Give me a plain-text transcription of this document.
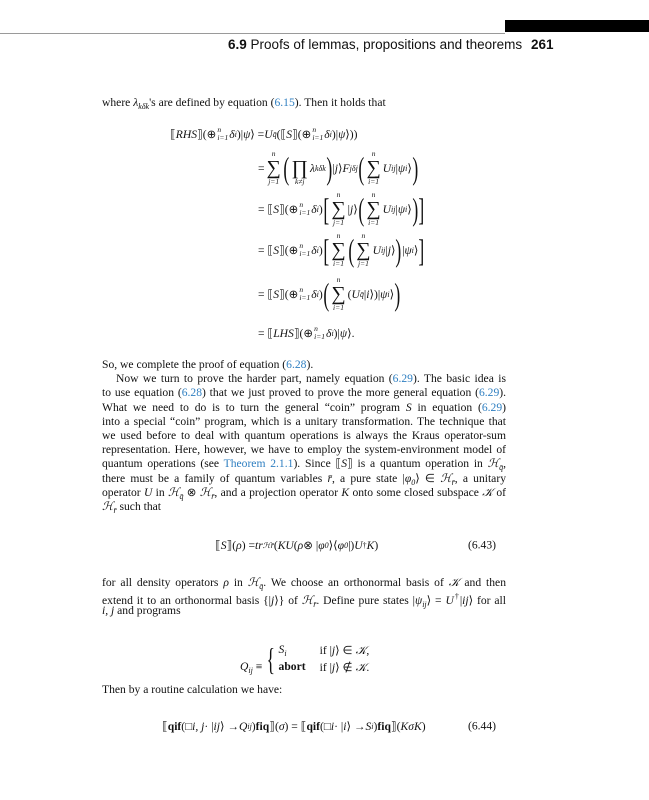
6.9 Proofs of lemmas, propositions and theorems 261
where $\lambda_{k\delta k}'s$ are defined by equation (6.15). Then it holds that
⟦ RHS ⟧(⊕ n
i=1 δ i )| ψ ⟩ = U q̄ (⟦ S ⟧(⊕ n
i=1 δ i )| ψ ⟩))
=
n
∑
j=1 ( ∏
k≠j
λ kδk ) | j ⟩ F jδj ( n
∑
i=1
U ij | ψ i ⟩ )
= ⟦ S ⟧(⊕ n
i=1 δ i ) [ n
∑
j=1
| j ⟩ ( n
∑
i=1
U ij | ψ i ⟩ ) ]
= ⟦ S ⟧(⊕ n
i=1 δ i ) [ n
∑
i=1 ( n
∑
j=1
U ij | j ⟩ ) | ψ i ⟩ ]
= ⟦ S ⟧(⊕ n
i=1 δ i ) ( n
∑
i=1
( U q̄ | i ⟩)| ψ i ⟩ )
= ⟦ LHS ⟧(⊕ n
i=1 δ i )| ψ ⟩.
So, we complete the proof of equation (6.28).
Now we turn to prove the harder part, namely equation (6.29). The basic idea is
to use equation (6.28) that we just proved to prove the more general equation (6.29).
What we need to do is to turn the general “coin” program S in equation (6.29)
into a special “coin” program, which is a unitary transformation. The technique that
we used before to deal with quantum operations is always the Kraus operator-sum
representation. Here, however, we have to employ the system-environment model of
quantum operations (see Theorem 2.1.1). Since ⟦S⟧ is a quantum operation in ℋ$_{q̄}$,
there must be a family of quantum variables r̄, a pure state $|\varphi_0⟩$ ∈ ℋ$_{r̄}$, a unitary
operator U in ℋ$_{q̄}$ ⊗ ℋ$_{r̄}$, and a projection operator K onto some closed subspace 𝒦 of
ℋ$_{r̄}$ such that
⟦ S ⟧( ρ ) = tr ℋr̄ ( KU ( ρ ⊗ | φ 0 ⟩⟨ φ 0 |) U † K )	(6.43)
for all density operators ρ in ℋ$_{q̄}$. We choose an orthonormal basis of 𝒦 and then
extend it to an orthonormal basis {|j⟩} of ℋ$_{r̄}$. Define pure states $|\psi_{ij}⟩$ = U†|ij⟩ for all
i, j and programs
$Q_{ij}$ ≡ { $S_i$	if |j⟩ ∈ 𝒦,
abort if |j⟩ ∉ 𝒦.
Then by a routine calculation we have:
⟦ qif (□ i, j · | ij ⟩ → Q ij ) fiq ⟧( σ ) = ⟦ qif (□ i · | i ⟩ → S i ) fiq ⟧( KσK )	(6.44)
